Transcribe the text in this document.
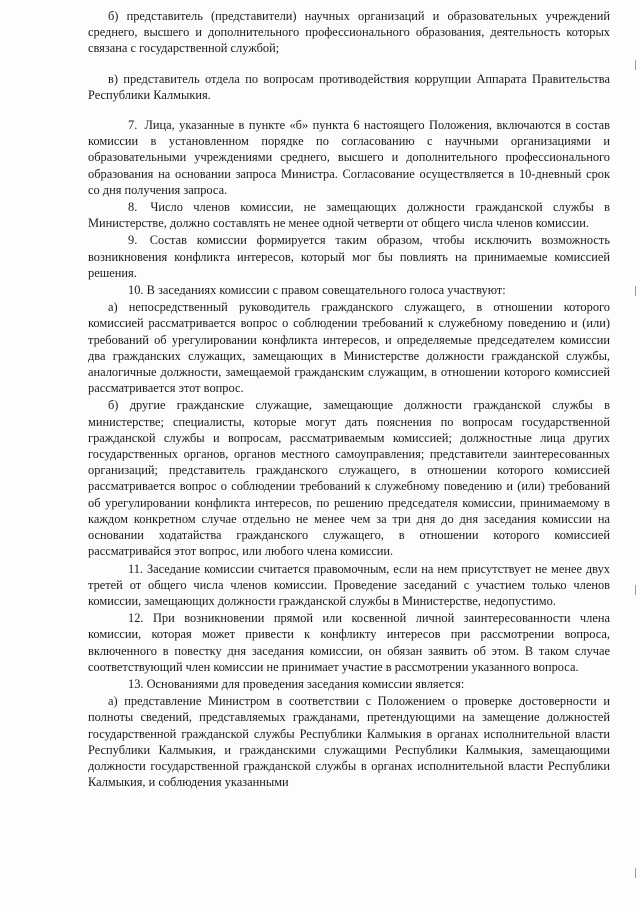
б) представитель (представители) научных организаций и образовательных учреждений среднего, высшего и дополнительного профессионального образования, деятельность которых связана с государственной службой;

в) представитель отдела по вопросам противодействия коррупции Аппарата Правительства Республики Калмыкия.

7. Лица, указанные в пункте «б» пункта 6 настоящего Положения, включаются в состав комиссии в установленном порядке по согласованию с научными организациями и образовательными учреждениями среднего, высшего и дополнительного профессионального образования на основании запроса Министра. Согласование осуществляется в 10-дневный срок со дня получения запроса.

8. Число членов комиссии, не замещающих должности гражданской службы в Министерстве, должно составлять не менее одной четверти от общего числа членов комиссии.

9. Состав комиссии формируется таким образом, чтобы исключить возможность возникновения конфликта интересов, который мог бы повлиять на принимаемые комиссией решения.

10. В заседаниях комиссии с правом совещательного голоса участвуют:

а) непосредственный руководитель гражданского служащего, в отношении которого комиссией рассматривается вопрос о соблюдении требований к служебному поведению и (или) требований об урегулировании конфликта интересов, и определяемые председателем комиссии два гражданских служащих, замещающих в Министерстве должности гражданской службы, аналогичные должности, замещаемой гражданским служащим, в отношении которого комиссией рассматривается этот вопрос.

б) другие гражданские служащие, замещающие должности гражданской службы в министерстве; специалисты, которые могут дать пояснения по вопросам государственной гражданской службы и вопросам, рассматриваемым комиссией; должностные лица других государственных органов, органов местного самоуправления; представители заинтересованных организаций; представитель гражданского служащего, в отношении которого комиссией рассматривается вопрос о соблюдении требований к служебному поведению и (или) требований об урегулировании конфликта интересов, по решению председателя комиссии, принимаемому в каждом конкретном случае отдельно не менее чем за три дня до дня заседания комиссии на основании ходатайства гражданского служащего, в отношении которого комиссией рассматривайся этот вопрос, или любого члена комиссии.

11. Заседание комиссии считается правомочным, если на нем присутствует не менее двух третей от общего числа членов комиссии. Проведение заседаний с участием только членов комиссии, замещающих должности гражданской службы в Министерстве, недопустимо.

12. При возникновении прямой или косвенной личной заинтересованности члена комиссии, которая может привести к конфликту интересов при рассмотрении вопроса, включенного в повестку дня заседания комиссии, он обязан заявить об этом. В таком случае соответствующий член комиссии не принимает участие в рассмотрении указанного вопроса.

13. Основаниями для проведения заседания комиссии является:

а) представление Министром в соответствии с Положением о проверке достоверности и полноты сведений, представляемых гражданами, претендующими на замещение должностей государственной гражданской службы Республики Калмыкия в органах исполнительной власти Республики Калмыкия, и гражданскими служащими Республики Калмыкия, замещающими должности государственной гражданской службы в органах исполнительной власти Республики Калмыкия, и соблюдения указанными
